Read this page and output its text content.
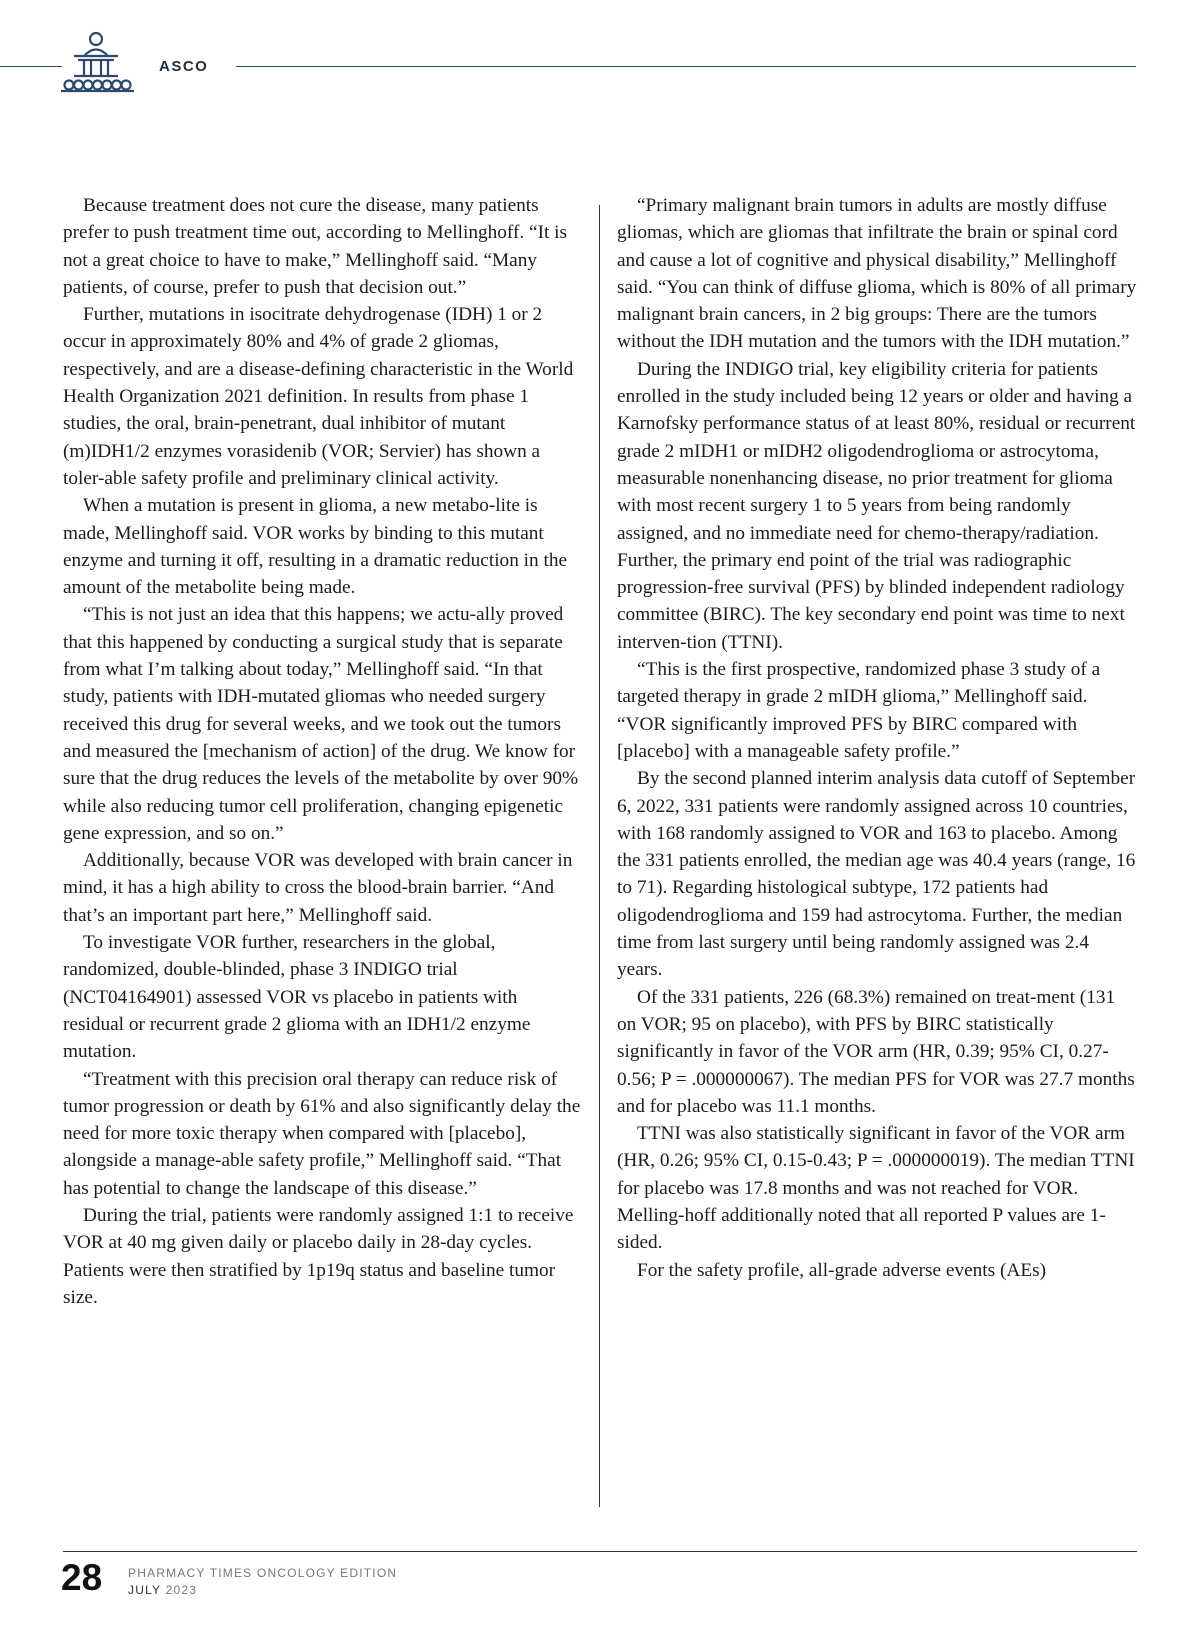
ASCO

Because treatment does not cure the disease, many patients prefer to push treatment time out, according to Mellinghoff. “It is not a great choice to have to make,” Mellinghoff said. “Many patients, of course, prefer to push that decision out.”

Further, mutations in isocitrate dehydrogenase (IDH) 1 or 2 occur in approximately 80% and 4% of grade 2 gliomas, respectively, and are a disease-defining characteristic in the World Health Organization 2021 definition. In results from phase 1 studies, the oral, brain-penetrant, dual inhibitor of mutant (m)IDH1/2 enzymes vorasidenib (VOR; Servier) has shown a toler-able safety profile and preliminary clinical activity.

When a mutation is present in glioma, a new metabo-lite is made, Mellinghoff said. VOR works by binding to this mutant enzyme and turning it off, resulting in a dramatic reduction in the amount of the metabolite being made.

“This is not just an idea that this happens; we actu-ally proved that this happened by conducting a surgical study that is separate from what I’m talking about today,” Mellinghoff said. “In that study, patients with IDH-mutated gliomas who needed surgery received this drug for several weeks, and we took out the tumors and measured the [mechanism of action] of the drug. We know for sure that the drug reduces the levels of the metabolite by over 90% while also reducing tumor cell proliferation, changing epigenetic gene expression, and so on.”

Additionally, because VOR was developed with brain cancer in mind, it has a high ability to cross the blood-brain barrier. “And that’s an important part here,” Mellinghoff said.

To investigate VOR further, researchers in the global, randomized, double-blinded, phase 3 INDIGO trial (NCT04164901) assessed VOR vs placebo in patients with residual or recurrent grade 2 glioma with an IDH1/2 enzyme mutation.

“Treatment with this precision oral therapy can reduce risk of tumor progression or death by 61% and also significantly delay the need for more toxic therapy when compared with [placebo], alongside a manage-able safety profile,” Mellinghoff said. “That has potential to change the landscape of this disease.”

During the trial, patients were randomly assigned 1:1 to receive VOR at 40 mg given daily or placebo daily in 28-day cycles. Patients were then stratified by 1p19q status and baseline tumor size.

“Primary malignant brain tumors in adults are mostly diffuse gliomas, which are gliomas that infiltrate the brain or spinal cord and cause a lot of cognitive and physical disability,” Mellinghoff said. “You can think of diffuse glioma, which is 80% of all primary malignant brain cancers, in 2 big groups: There are the tumors without the IDH mutation and the tumors with the IDH mutation.”

During the INDIGO trial, key eligibility criteria for patients enrolled in the study included being 12 years or older and having a Karnofsky performance status of at least 80%, residual or recurrent grade 2 mIDH1 or mIDH2 oligodendroglioma or astrocytoma, measurable nonenhancing disease, no prior treatment for glioma with most recent surgery 1 to 5 years from being randomly assigned, and no immediate need for chemo-therapy/radiation. Further, the primary end point of the trial was radiographic progression-free survival (PFS) by blinded independent radiology committee (BIRC). The key secondary end point was time to next interven-tion (TTNI).

“This is the first prospective, randomized phase 3 study of a targeted therapy in grade 2 mIDH glioma,” Mellinghoff said. “VOR significantly improved PFS by BIRC compared with [placebo] with a manageable safety profile.”

By the second planned interim analysis data cutoff of September 6, 2022, 331 patients were randomly assigned across 10 countries, with 168 randomly assigned to VOR and 163 to placebo. Among the 331 patients enrolled, the median age was 40.4 years (range, 16 to 71). Regarding histological subtype, 172 patients had oligodendroglioma and 159 had astrocytoma. Further, the median time from last surgery until being randomly assigned was 2.4 years.

Of the 331 patients, 226 (68.3%) remained on treat-ment (131 on VOR; 95 on placebo), with PFS by BIRC statistically significantly in favor of the VOR arm (HR, 0.39; 95% CI, 0.27-0.56; P = .000000067). The median PFS for VOR was 27.7 months and for placebo was 11.1 months.

TTNI was also statistically significant in favor of the VOR arm (HR, 0.26; 95% CI, 0.15-0.43; P = .000000019). The median TTNI for placebo was 17.8 months and was not reached for VOR. Melling-hoff additionally noted that all reported P values are 1-sided.

For the safety profile, all-grade adverse events (AEs)

28 PHARMACY TIMES ONCOLOGY EDITION
JULY 2023
